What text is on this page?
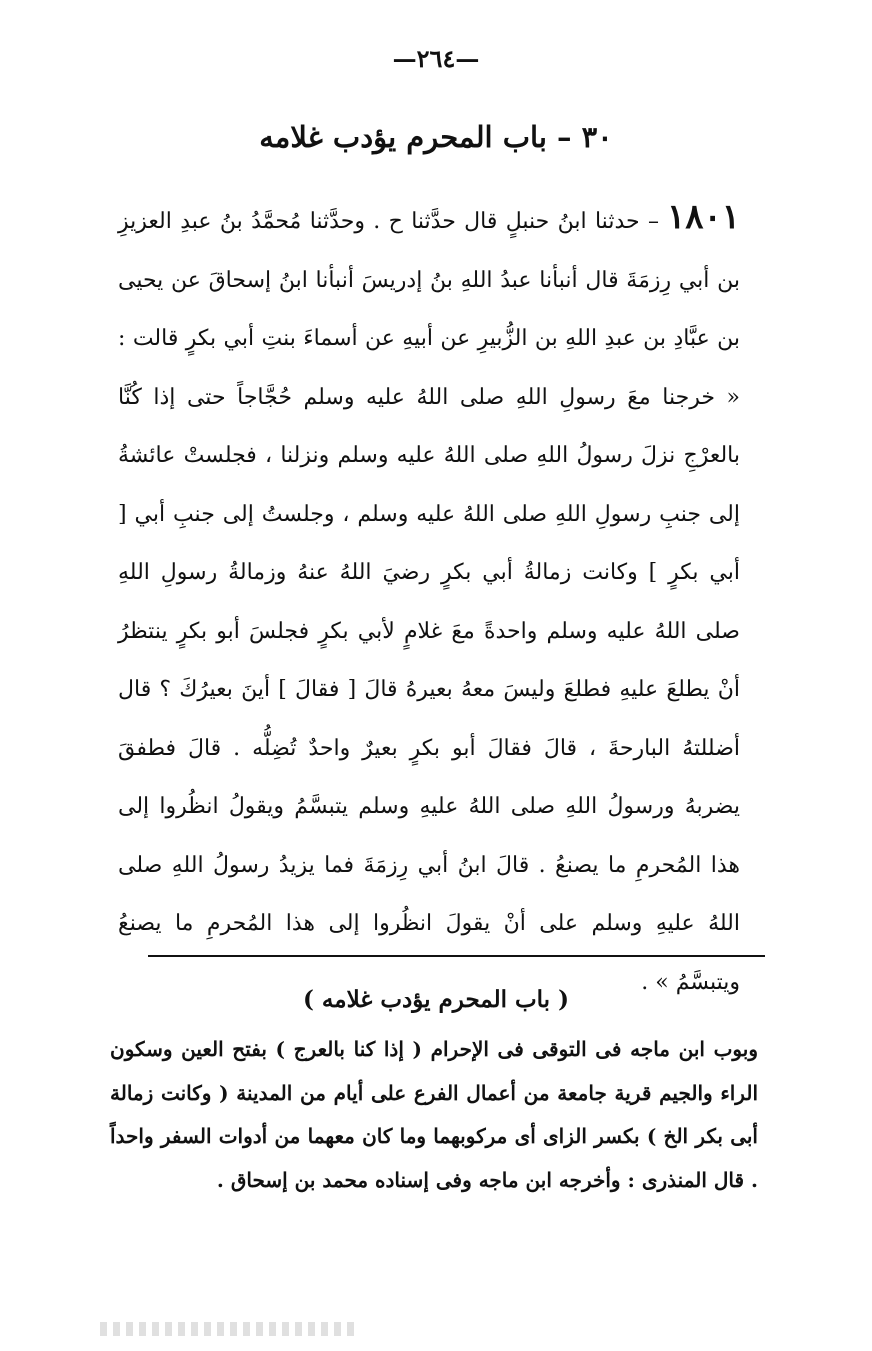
—٢٦٤—
٣٠ – باب المحرم يؤدب غلامه
١٨٠١– حدثنا ابنُ حنبلٍ قال حدَّثنا ح . وحدَّثنا مُحمَّدُ بنُ عبدِ العزيزِ بن أبي رِزمَةَ قال أنبأنا عبدُ اللهِ بنُ إدريسَ أنبأنا ابنُ إسحاقَ عن يحيى بن عبَّادِ بن عبدِ اللهِ بن الزُّبيرِ عن أبيهِ عن أسماءَ بنتِ أبي بكرٍ قالت : « خرجنا معَ رسولِ اللهِ صلى اللهُ عليه وسلم حُجَّاجاً حتى إذا كُنَّا بالعرْجِ نزلَ رسولُ اللهِ صلى اللهُ عليه وسلم ونزلنا ، فجلستْ عائشةُ إلى جنبِ رسولِ اللهِ صلى اللهُ عليه وسلم ، وجلستُ إلى جنبِ أبي [ أبي بكرٍ ] وكانت زمالةُ أبي بكرٍ رضيَ اللهُ عنهُ وزمالةُ رسولِ اللهِ صلى اللهُ عليه وسلم واحدةً معَ غلامٍ لأبي بكرٍ فجلسَ أبو بكرٍ ينتظرُ أنْ يطلعَ عليهِ فطلعَ وليسَ معهُ بعيرهُ قالَ [ فقالَ ] أينَ بعيرُكَ ؟ قال أضللتهُ البارحةَ ، قالَ فقالَ أبو بكرٍ بعيرٌ واحدٌ تُضِلُّه . قالَ فطفقَ يضربهُ ورسولُ اللهِ صلى اللهُ عليهِ وسلم يتبسَّمُ ويقولُ انظُروا إلى هذا المُحرمِ ما يصنعُ . قالَ ابنُ أبي رِزمَةَ فما يزيدُ رسولُ اللهِ صلى اللهُ عليهِ وسلم على أنْ يقولَ انظُروا إلى هذا المُحرمِ ما يصنعُ ويتبسَّمُ » .
( باب المحرم يؤدب غلامه )
وبوب ابن ماجه فى التوقى فى الإحرام ( إذا كنا بالعرج ) بفتح العين وسكون الراء والجيم قرية جامعة من أعمال الفرع على أيام من المدينة ( وكانت زمالة أبى بكر الخ ) بكسر الزاى أى مركوبهما وما كان معهما من أدوات السفر واحداً . قال المنذرى : وأخرجه ابن ماجه وفى إسناده محمد بن إسحاق .
